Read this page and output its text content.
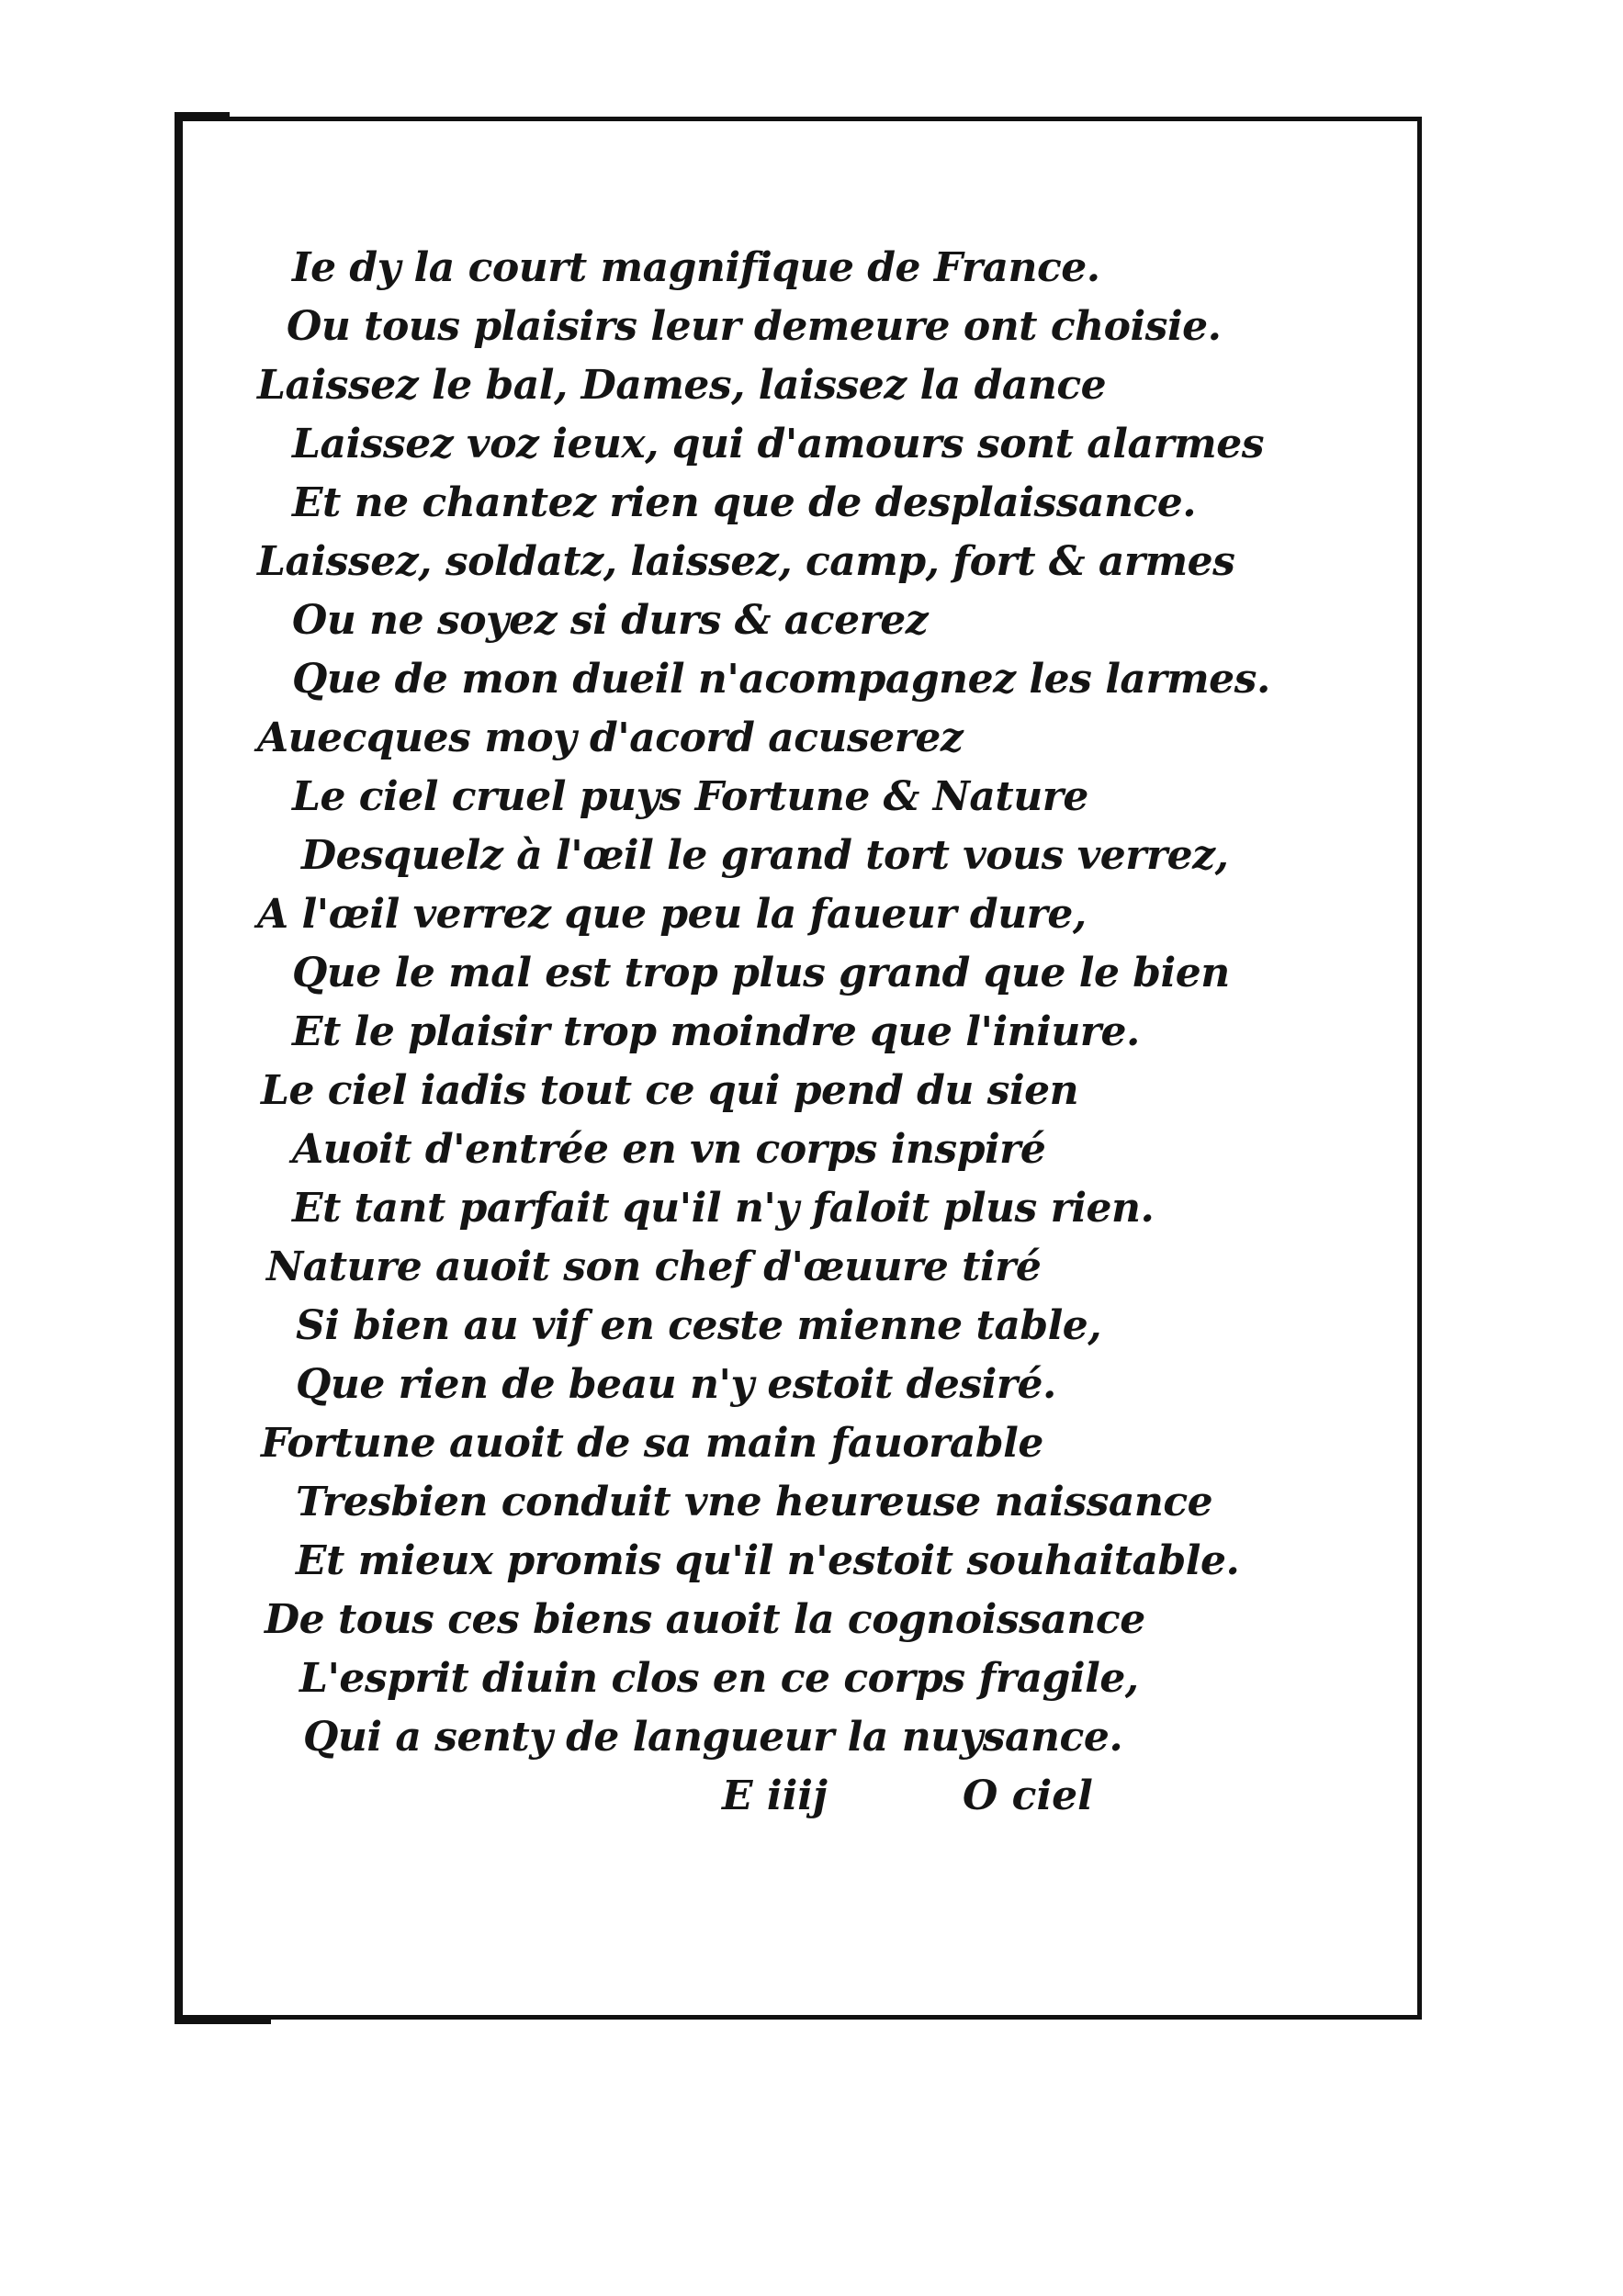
Ie dy la court magnifique de France.
Ou tous plaisirs leur demeure ont choisie.
Laissez le bal, Dames, laissez la dance
Laissez voz ieux, qui d'amours sont alarmes
Et ne chantez rien que de desplaissance.
Laissez, soldatz, laissez, camp, fort & armes
Ou ne soyez si durs & acerez
Que de mon dueil n'acompagnez les larmes.
Auecques moy d'acord acuserez
Le ciel cruel puys Fortune & Nature
Desquelz à l'œil le grand tort vous verrez,
A l'œil verrez que peu la faueur dure,
Que le mal est trop plus grand que le bien
Et le plaisir trop moindre que l'iniure.
Le ciel iadis tout ce qui pend du sien
Auoit d'entrée en vn corps inspiré
Et tant parfait qu'il n'y faloit plus rien.
Nature auoit son chef d'œuure tiré
Si bien au vif en ceste mienne table,
Que rien de beau n'y estoit desiré.
Fortune auoit de sa main fauorable
Tresbien conduit vne heureuse naissance
Et mieux promis qu'il n'estoit souhaitable.
De tous ces biens auoit la cognoissance
L'esprit diuin clos en ce corps fragile,
Qui a senty de langueur la nuysance.
E iiij	O ciel
